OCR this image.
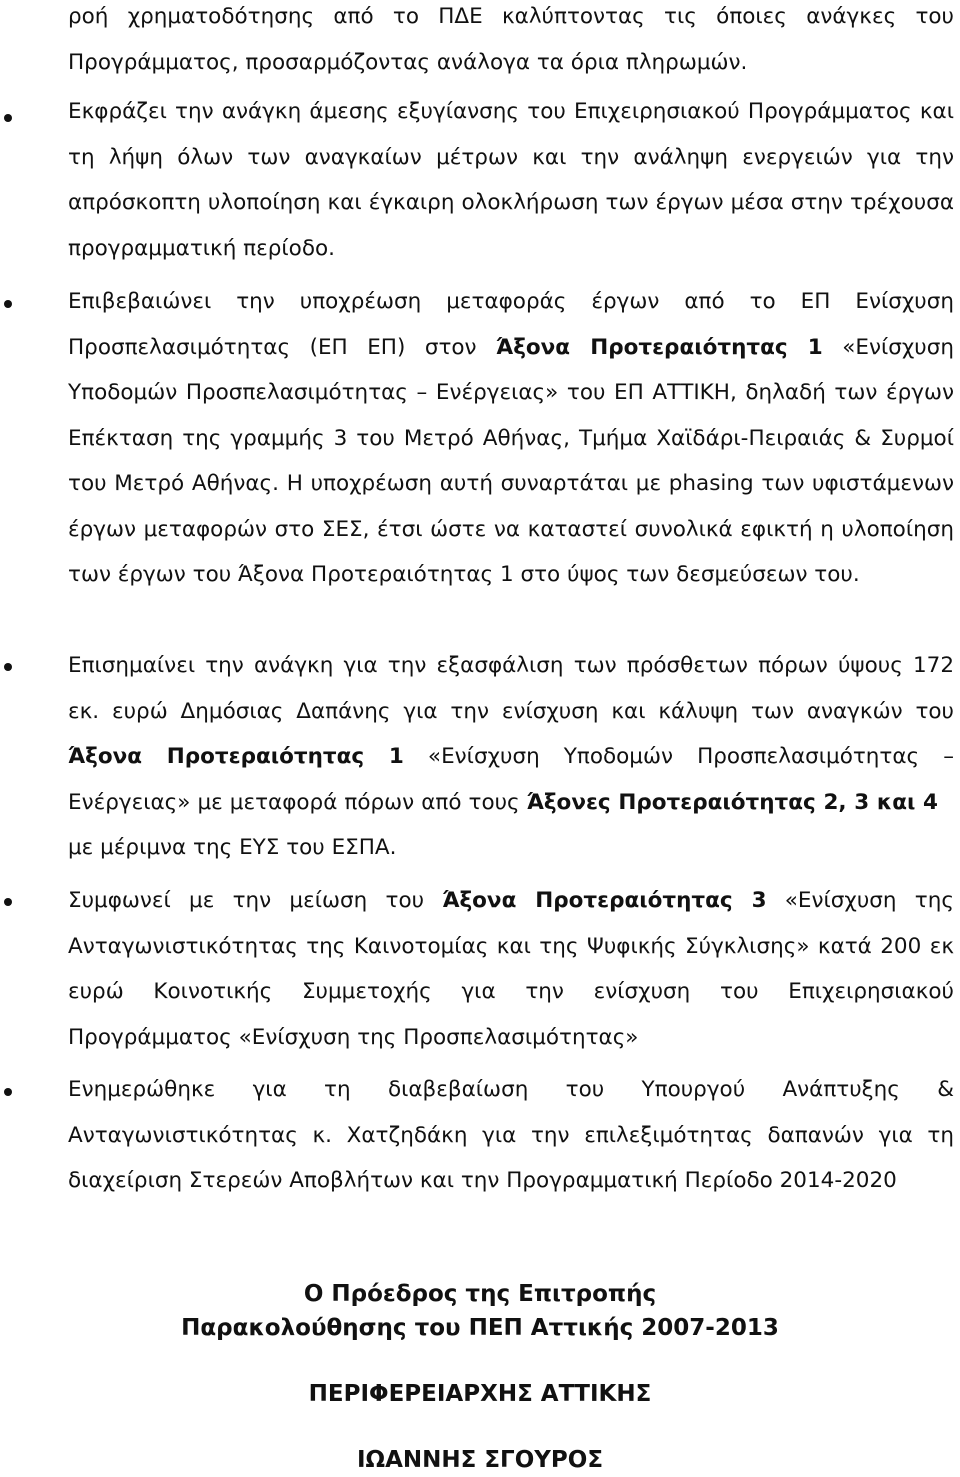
ροή χρηματοδότησης από το ΠΔΕ καλύπτοντας τις όποιες ανάγκες του Προγράμματος, προσαρμόζοντας ανάλογα τα όρια πληρωμών.

Εκφράζει την ανάγκη άμεσης εξυγίανσης του Επιχειρησιακού Προγράμματος και τη λήψη όλων των αναγκαίων μέτρων και την ανάληψη ενεργειών για την απρόσκοπτη υλοποίηση και έγκαιρη ολοκλήρωση των έργων μέσα στην τρέχουσα προγραμματική περίοδο.

Επιβεβαιώνει την υποχρέωση μεταφοράς έργων από το ΕΠ Ενίσχυση Προσπελασιμότητας (ΕΠ ΕΠ) στον Άξονα Προτεραιότητας 1 «Ενίσχυση Υποδομών Προσπελασιμότητας – Ενέργειας» του ΕΠ ΑΤΤΙΚΗ, δηλαδή των έργων Επέκταση της γραμμής 3 του Μετρό Αθήνας, Τμήμα Χαϊδάρι-Πειραιάς & Συρμοί του Μετρό Αθήνας. Η υποχρέωση αυτή συναρτάται με phasing των υφιστάμενων έργων μεταφορών στο ΣΕΣ, έτσι ώστε να καταστεί συνολικά εφικτή η υλοποίηση των έργων του Άξονα Προτεραιότητας 1 στο ύψος των δεσμεύσεων του.

Επισημαίνει την ανάγκη για την εξασφάλιση των πρόσθετων πόρων ύψους 172 εκ. ευρώ Δημόσιας Δαπάνης για την ενίσχυση και κάλυψη των αναγκών του Άξονα Προτεραιότητας 1 «Ενίσχυση Υποδομών Προσπελασιμότητας – Ενέργειας» με μεταφορά πόρων από τους Άξονες Προτεραιότητας 2, 3 και 4με μέριμνα της ΕΥΣ του ΕΣΠΑ.

Συμφωνεί με την μείωση του Άξονα Προτεραιότητας 3 «Ενίσχυση της Ανταγωνιστικότητας της Καινοτομίας και της Ψυφικής Σύγκλισης» κατά 200 εκ ευρώ Κοινοτικής Συμμετοχής για την ενίσχυση του Επιχειρησιακού Προγράμματος «Ενίσχυση της Προσπελασιμότητας»

Ενημερώθηκε για τη διαβεβαίωση του Υπουργού Ανάπτυξης & Ανταγωνιστικότητας κ. Χατζηδάκη για την επιλεξιμότητας δαπανών για τη διαχείριση Στερεών Αποβλήτων και την Προγραμματική Περίοδο 2014-2020

Ο Πρόεδρος της Επιτροπής

Παρακολούθησης του ΠΕΠ Αττικής 2007-2013

ΠΕΡΙΦΕΡΕΙΑΡΧΗΣ ΑΤΤΙΚΗΣ

ΙΩΑΝΝΗΣ ΣΓΟΥΡΟΣ
